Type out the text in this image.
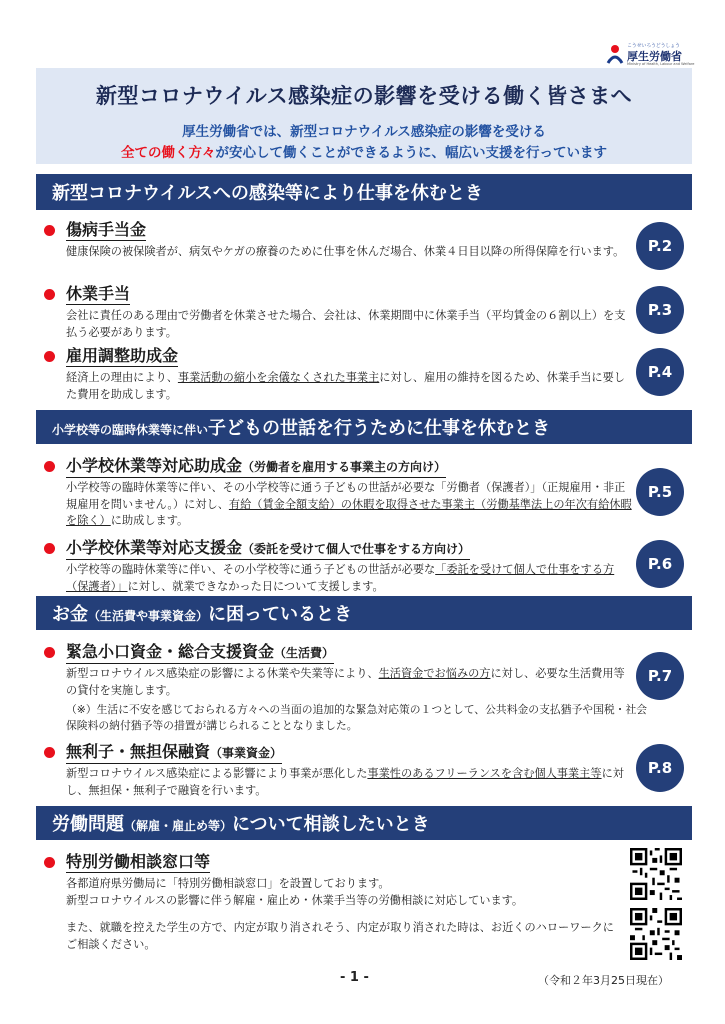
こうせいろうどうしょう
厚生労働省
Ministry of Health, Labour and Welfare
新型コロナウイルス感染症の影響を受ける働く皆さまへ
厚生労働省では、新型コロナウイルス感染症の影響を受ける
全ての働く方々が安心して働くことができるように、幅広い支援を行っています
新型コロナウイルスへの感染等により仕事を休むとき
傷病手当金
健康保険の被保険者が、病気やケガの療養のために仕事を休んだ場合、休業４日目以降の所得保障を行います。	P.2
休業手当
会社に責任のある理由で労働者を休業させた場合、会社は、休業期間中に休業手当（平均賃金の６割以上）を支払う必要があります。
P.3
雇用調整助成金
経済上の理由により、事業活動の縮小を余儀なくされた事業主に対し、雇用の維持を図るため、休業手当に要した費用を助成します。
P.4
小学校等の臨時休業等に伴い子どもの世話を行うために仕事を休むとき
小学校休業等対応助成金（労働者を雇用する事業主の方向け）
小学校等の臨時休業等に伴い、その小学校等に通う子どもの世話が必要な「労働者（保護者）」（正規雇用・非正規雇用を問いません。）に対し、有給（賃金全額支給）の休暇を取得させた事業主（労働基準法上の年次有給休暇を除く）に助成します。
P.5
小学校休業等対応支援金（委託を受けて個人で仕事をする方向け）
小学校等の臨時休業等に伴い、その小学校等に通う子どもの世話が必要な「委託を受けて個人で仕事をする方（保護者）」に対し、就業できなかった日について支援します。
P.6
お金（生活費や事業資金）に困っているとき
緊急小口資金・総合支援資金（生活費）
新型コロナウイルス感染症の影響による休業や失業等により、生活資金でお悩みの方に対し、必要な生活費用等の貸付を実施します。
P.7
（※）生活に不安を感じておられる方々への当面の追加的な緊急対応策の１つとして、公共料金の支払猶予や国税・社会保険料の納付猶予等の措置が講じられることとなりました。
無利子・無担保融資（事業資金）
新型コロナウイルス感染症による影響により事業が悪化した事業性のあるフリーランスを含む個人事業主等に対し、無担保・無利子で融資を行います。
P.8
労働問題（解雇・雇止め等）について相談したいとき
特別労働相談窓口等
各都道府県労働局に「特別労働相談窓口」を設置しております。
新型コロナウイルスの影響に伴う解雇・雇止め・休業手当等の労働相談に対応しています。
また、就職を控えた学生の方で、内定が取り消されそう、内定が取り消された時は、お近くのハローワークにご相談ください。
- 1 -	（令和２年3月25日現在）
